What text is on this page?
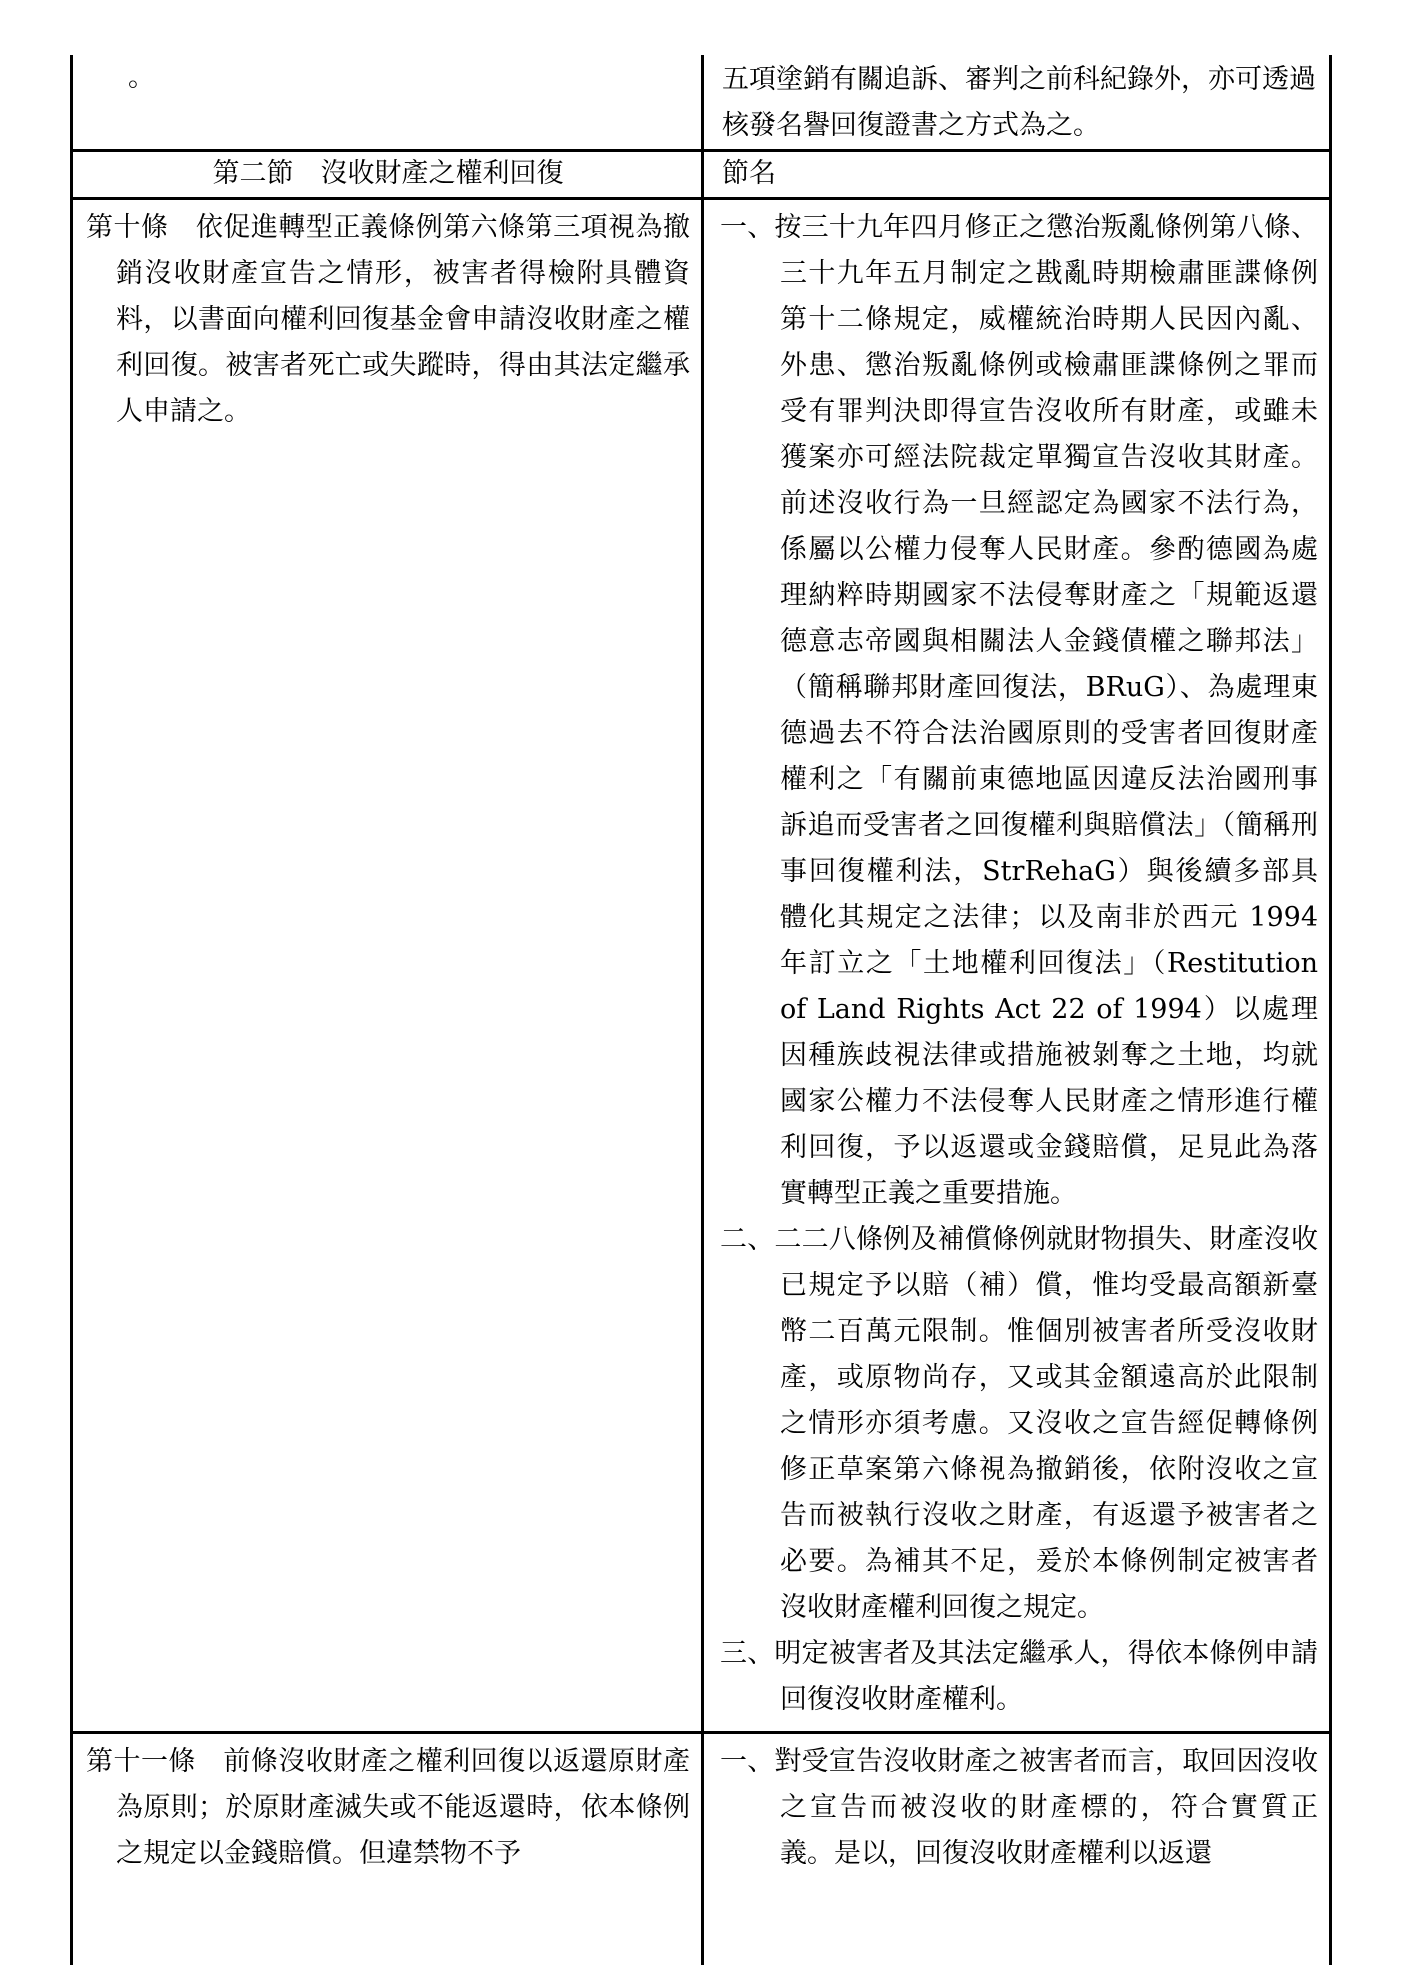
。	五項塗銷有關追訴、審判之前科紀錄外，亦可透過核發名譽回復證書之方式為之。
第二節　沒收財產之權利回復	節名
第十條　依促進轉型正義條例第六條第三項視為撤銷沒收財產宣告之情形，被害者得檢附具體資料，以書面向權利回復基金會申請沒收財產之權利回復。被害者死亡或失蹤時，得由其法定繼承人申請之。
一、按三十九年四月修正之懲治叛亂條例第八條、三十九年五月制定之戡亂時期檢肅匪諜條例第十二條規定，威權統治時期人民因內亂、外患、懲治叛亂條例或檢肅匪諜條例之罪而受有罪判決即得宣告沒收所有財產，或雖未獲案亦可經法院裁定單獨宣告沒收其財產。前述沒收行為一旦經認定為國家不法行為，係屬以公權力侵奪人民財產。參酌德國為處理納粹時期國家不法侵奪財產之「規範返還德意志帝國與相關法人金錢債權之聯邦法」（簡稱聯邦財產回復法，BRuG）、為處理東德過去不符合法治國原則的受害者回復財產權利之「有關前東德地區因違反法治國刑事訴追而受害者之回復權利與賠償法」（簡稱刑事回復權利法，StrRehaG）與後續多部具體化其規定之法律；以及南非於西元 1994 年訂立之「土地權利回復法」（Restitution of Land Rights Act 22 of 1994）以處理因種族歧視法律或措施被剝奪之土地，均就國家公權力不法侵奪人民財產之情形進行權利回復，予以返還或金錢賠償，足見此為落實轉型正義之重要措施。
二、二二八條例及補償條例就財物損失、財產沒收已規定予以賠（補）償，惟均受最高額新臺幣二百萬元限制。惟個別被害者所受沒收財產，或原物尚存，又或其金額遠高於此限制之情形亦須考慮。又沒收之宣告經促轉條例修正草案第六條視為撤銷後，依附沒收之宣告而被執行沒收之財產，有返還予被害者之必要。為補其不足，爰於本條例制定被害者沒收財產權利回復之規定。
三、明定被害者及其法定繼承人，得依本條例申請回復沒收財產權利。
第十一條　前條沒收財產之權利回復以返還原財產為原則；於原財產滅失或不能返還時，依本條例之規定以金錢賠償。但違禁物不予
一、對受宣告沒收財產之被害者而言，取回因沒收之宣告而被沒收的財產標的，符合實質正義。是以，回復沒收財產權利以返還
